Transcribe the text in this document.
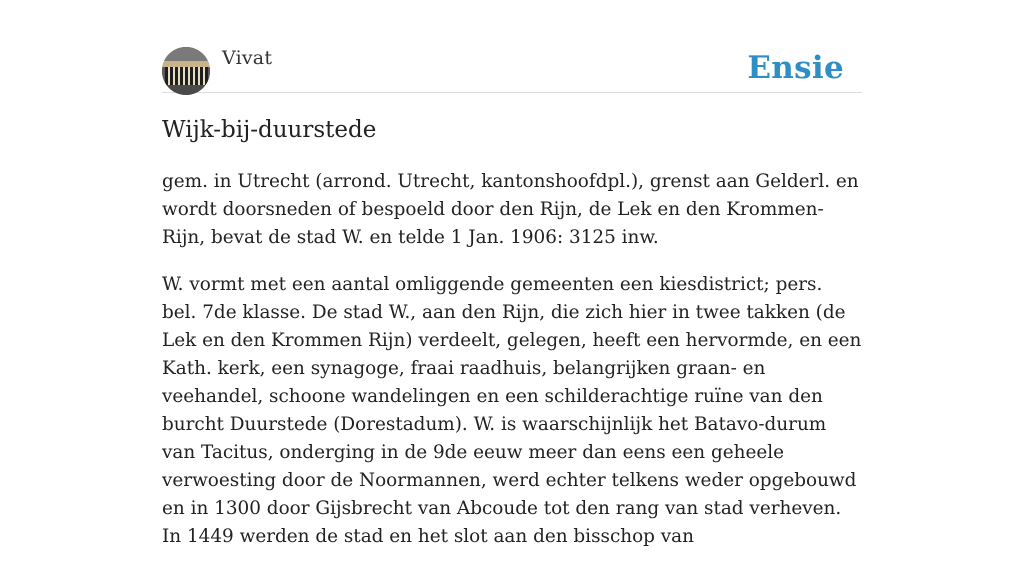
Vivat	Ensie
Wijk-bij-duurstede

gem. in Utrecht (arrond. Utrecht, kantonshoofdpl.), grenst aan Gelderl. en wordt doorsneden of bespoeld door den Rijn, de Lek en den Krommen-Rijn, bevat de stad W. en telde 1 Jan. 1906: 3125 inw.

W. vormt met een aantal omliggende gemeenten een kiesdistrict; pers. bel. 7de klasse. De stad W., aan den Rijn, die zich hier in twee takken (de Lek en den Krommen Rijn) verdeelt, gelegen, heeft een hervormde, en een Kath. kerk, een synagoge, fraai raadhuis, belangrijken graan- en veehandel, schoone wandelingen en een schilderachtige ruïne van den burcht Duurstede (Dorestadum). W. is waarschijnlijk het Batavo-durum van Tacitus, onderging in de 9de eeuw meer dan eens een geheele verwoesting door de Noormannen, werd echter telkens weder opgebouwd en in 1300 door Gijsbrecht van Abcoude tot den rang van stad verheven. In 1449 werden de stad en het slot aan den bisschop van
